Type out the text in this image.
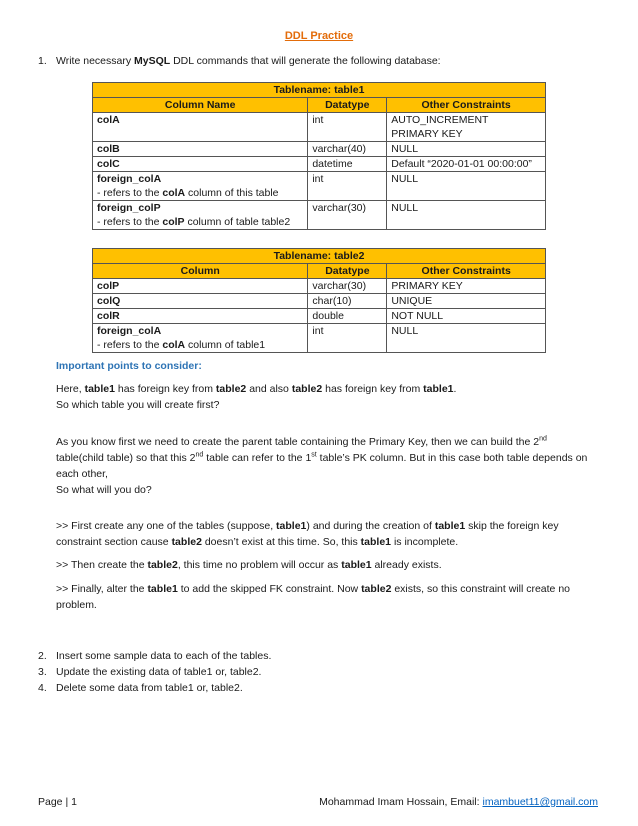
DDL Practice
1. Write necessary MySQL DDL commands that will generate the following database:
Tablename: table1		
Column Name	Datatype	Other Constraints
colA	int	AUTO_INCREMENT
PRIMARY KEY

colB	varchar(40)	NULL
colC	datetime	Default “2020-01-01 00:00:00”

foreign_colA
- refers to the colA column of this table	int	NULL

foreign_colP
- refers to the colP column of table table2	varchar(30)	NULL
Tablename: table2		
Column	Datatype	Other Constraints
colP	varchar(30)	PRIMARY KEY
colQ	char(10)	UNIQUE
colR	double	NOT NULL

foreign_colA
- refers to the colA column of table1	int	NULL
Important points to consider:
Here, table1 has foreign key from table2 and also table2 has foreign key from table1.
So which table you will create first?
As you know first we need to create the parent table containing the Primary Key, then we can build the 2nd table(child table) so that this 2nd table can refer to the 1st table’s PK column. But in this case both table depends on each other,
So what will you do?
>> First create any one of the tables (suppose, table1) and during the creation of table1 skip the foreign key constraint section cause table2 doesn’t exist at this time. So, this table1 is incomplete.
>> Then create the table2, this time no problem will occur as table1 already exists.
>> Finally, alter the table1 to add the skipped FK constraint. Now table2 exists, so this constraint will create no problem.
2. Insert some sample data to each of the tables.
3. Update the existing data of table1 or, table2.
4. Delete some data from table1 or, table2.
Page | 1	Mohammad Imam Hossain, Email: imambuet11@gmail.com
